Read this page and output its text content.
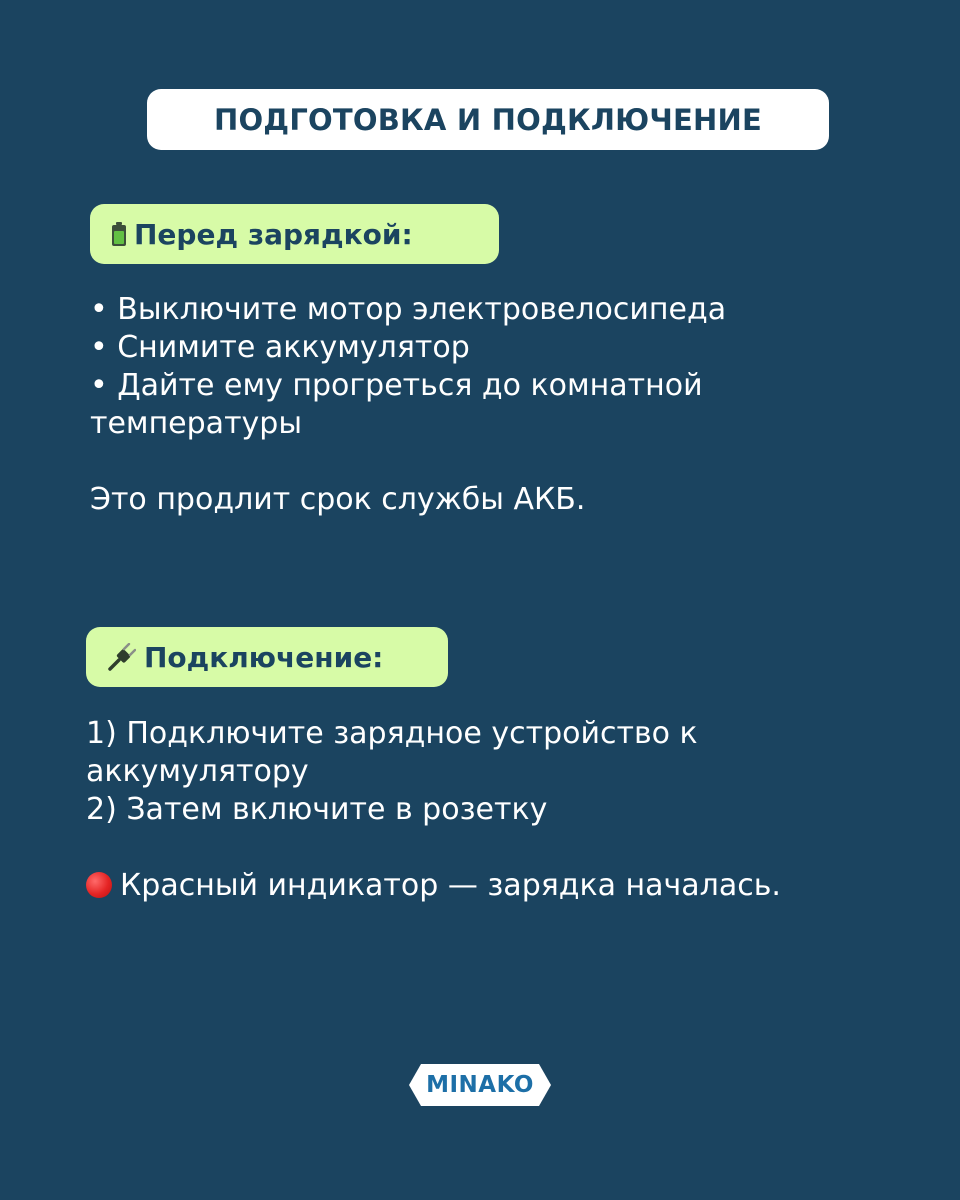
ПОДГОТОВКА И ПОДКЛЮЧЕНИЕ
Перед зарядкой:
• Выключите мотор электровелосипеда
• Снимите аккумулятор
• Дайте ему прогреться до комнатной
температуры
Это продлит срок службы АКБ.
Подключение:
1) Подключите зарядное устройство к
аккумулятору
2) Затем включите в розетку
Красный индикатор — зарядка началась.
MINAKO
